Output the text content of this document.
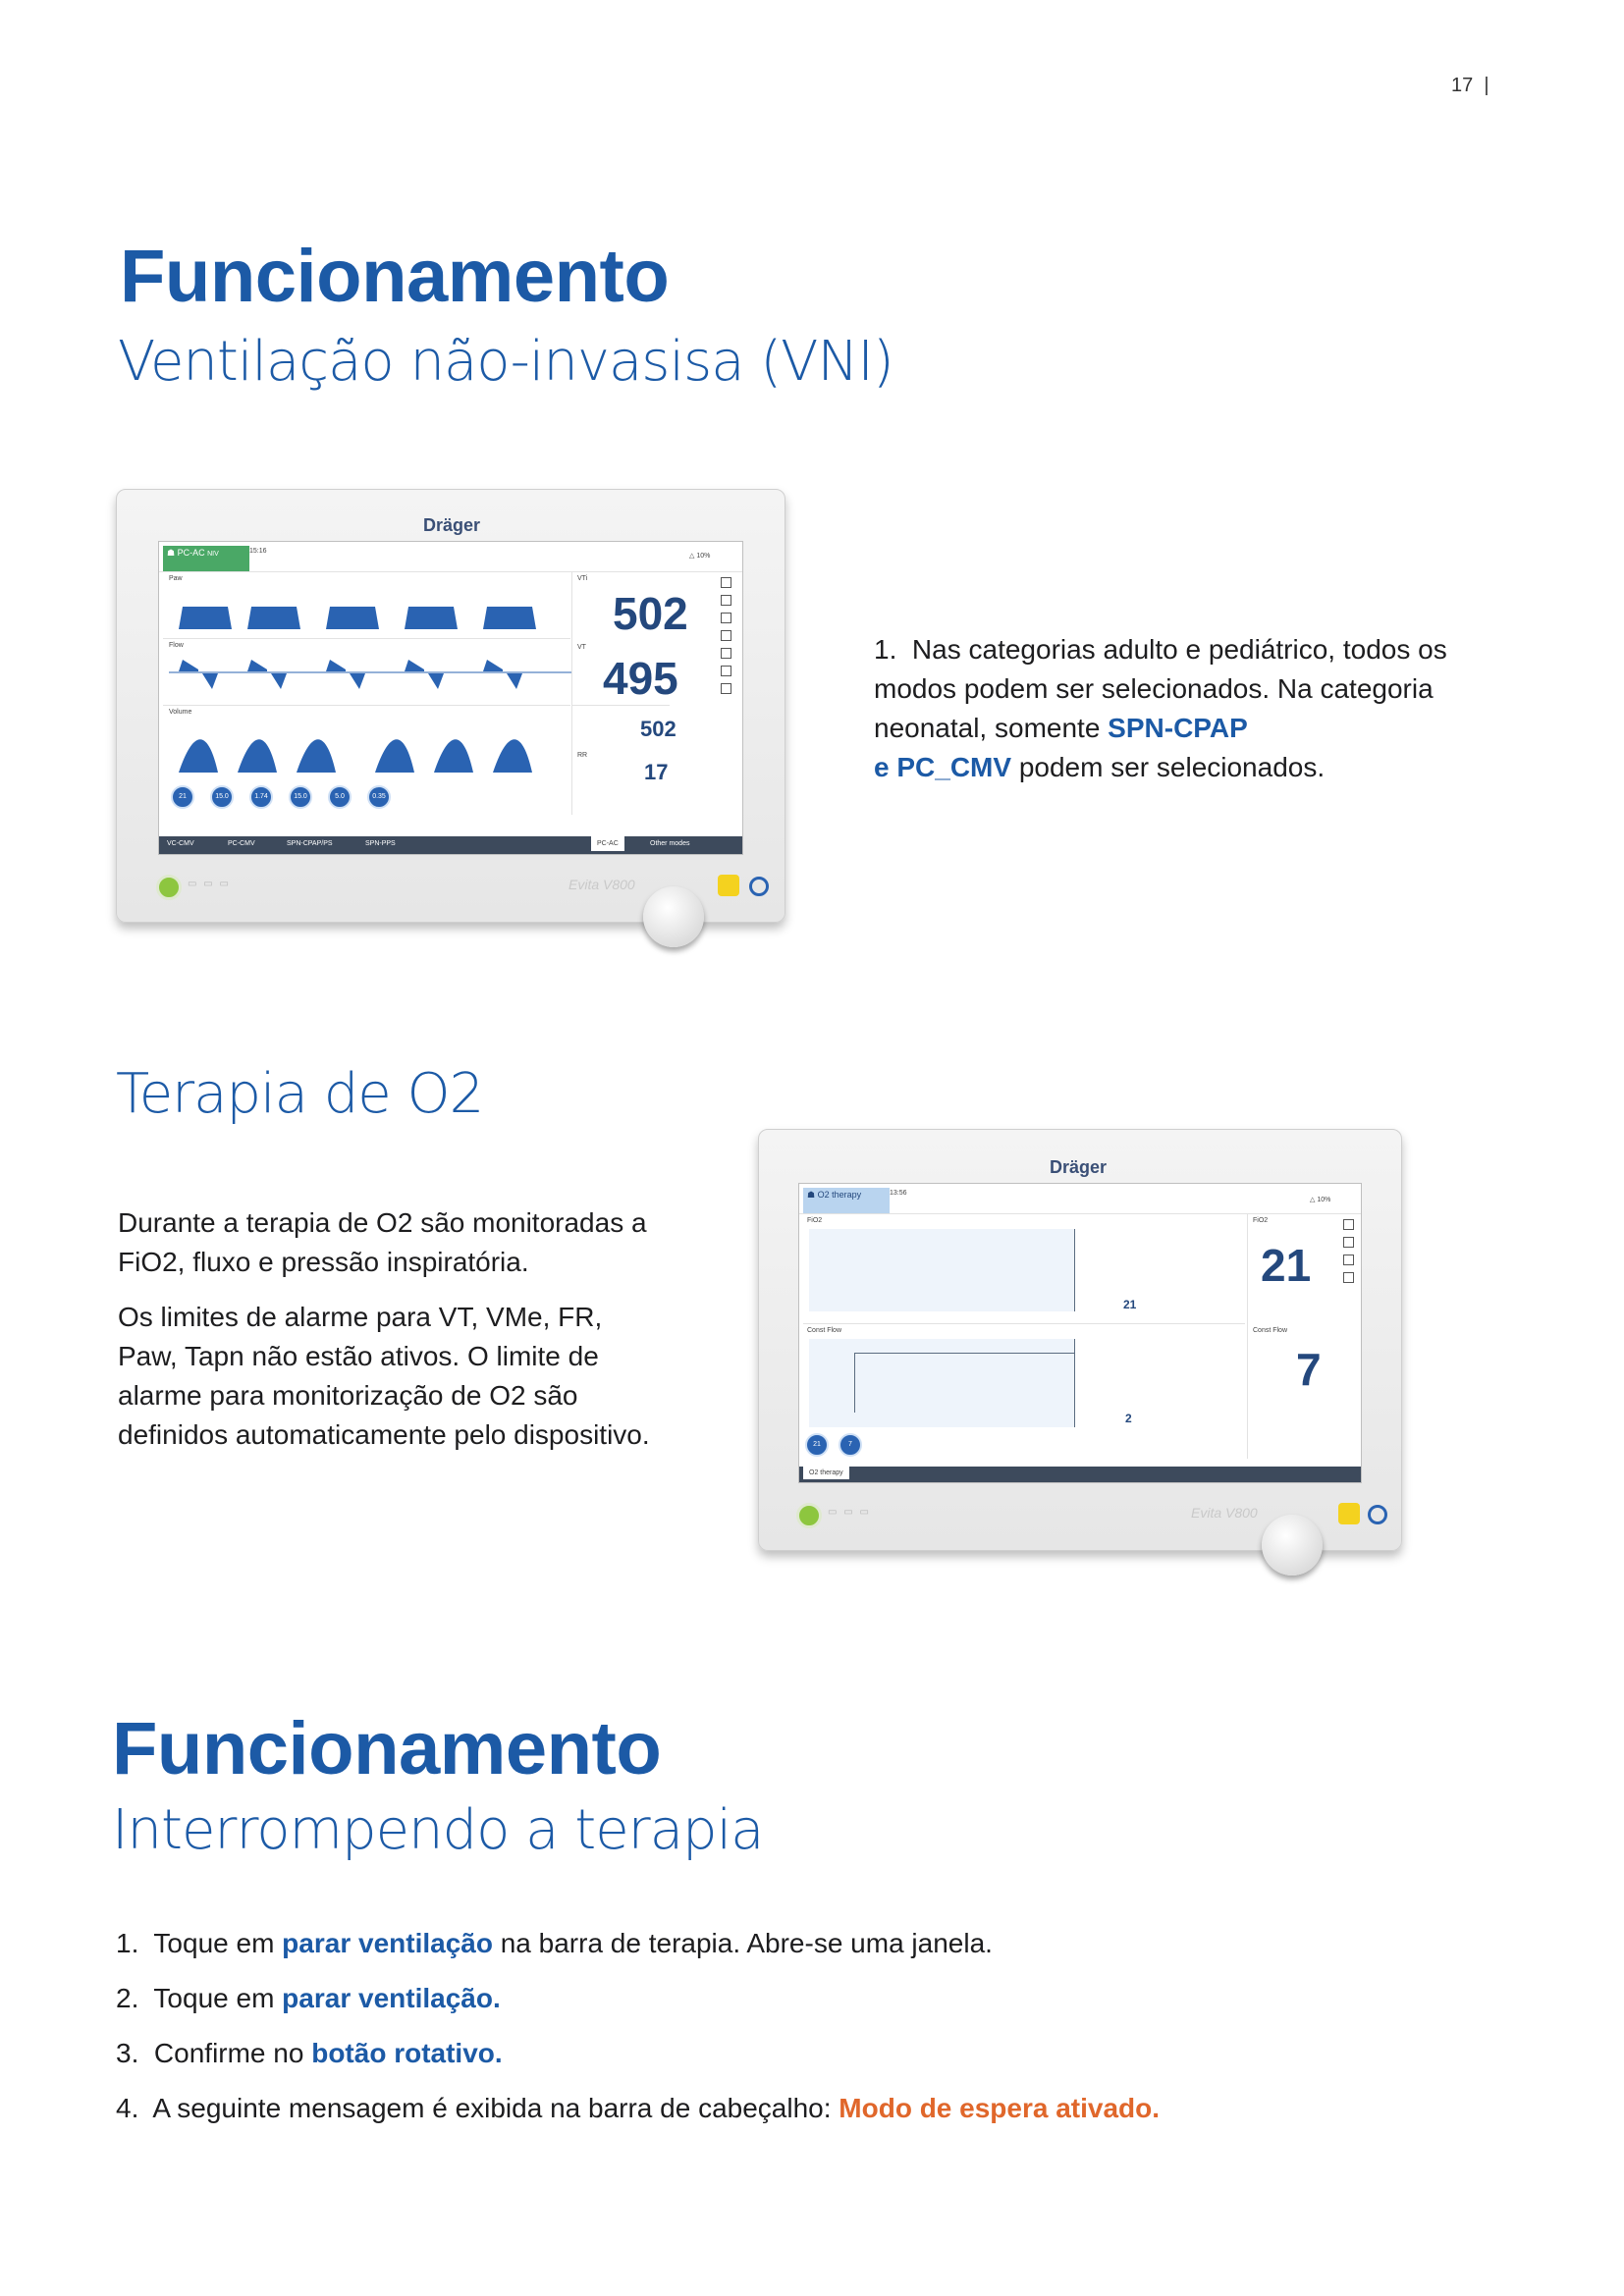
17  |
Funcionamento
Ventilação não-invasisa (VNI)
Dräger
☗ PC-AC NIV	15:16
△ 10%
Paw
Flow
Volume
VTi
502
VT
495
502
RR
17
21	15.0	1.74	15.0	5.0	0.35
VC-CMV	PC-CMV	SPN-CPAP/PS	SPN-PPS	PC-AC	Other modes
▭ ▭ ▭	Evita V800
1. Nas categorias adulto e pediátrico, todos os modos podem ser selecionados. Na categoria neonatal, somente SPN-CPAP
e PC_CMV podem ser selecionados.
Terapia de O2
Durante a terapia de O2 são monitoradas a FiO2, fluxo e pressão inspiratória.
Os limites de alarme para VT, VMe, FR, Paw, Tapn não estão ativos. O limite de alarme para monitorização de O2 são definidos automaticamente pelo dispositivo.
Dräger
☗ O2 therapy	13:56
△ 10%
FiO2
21
Const Flow
2
FiO2
21
Const Flow
7
21	7
O2 therapy
▭ ▭ ▭	Evita V800
Funcionamento
Interrompendo a terapia
1. Toque em parar ventilação na barra de terapia. Abre-se uma janela.
2. Toque em parar ventilação.
3. Confirme no botão rotativo.
4. A seguinte mensagem é exibida na barra de cabeçalho: Modo de espera ativado.
